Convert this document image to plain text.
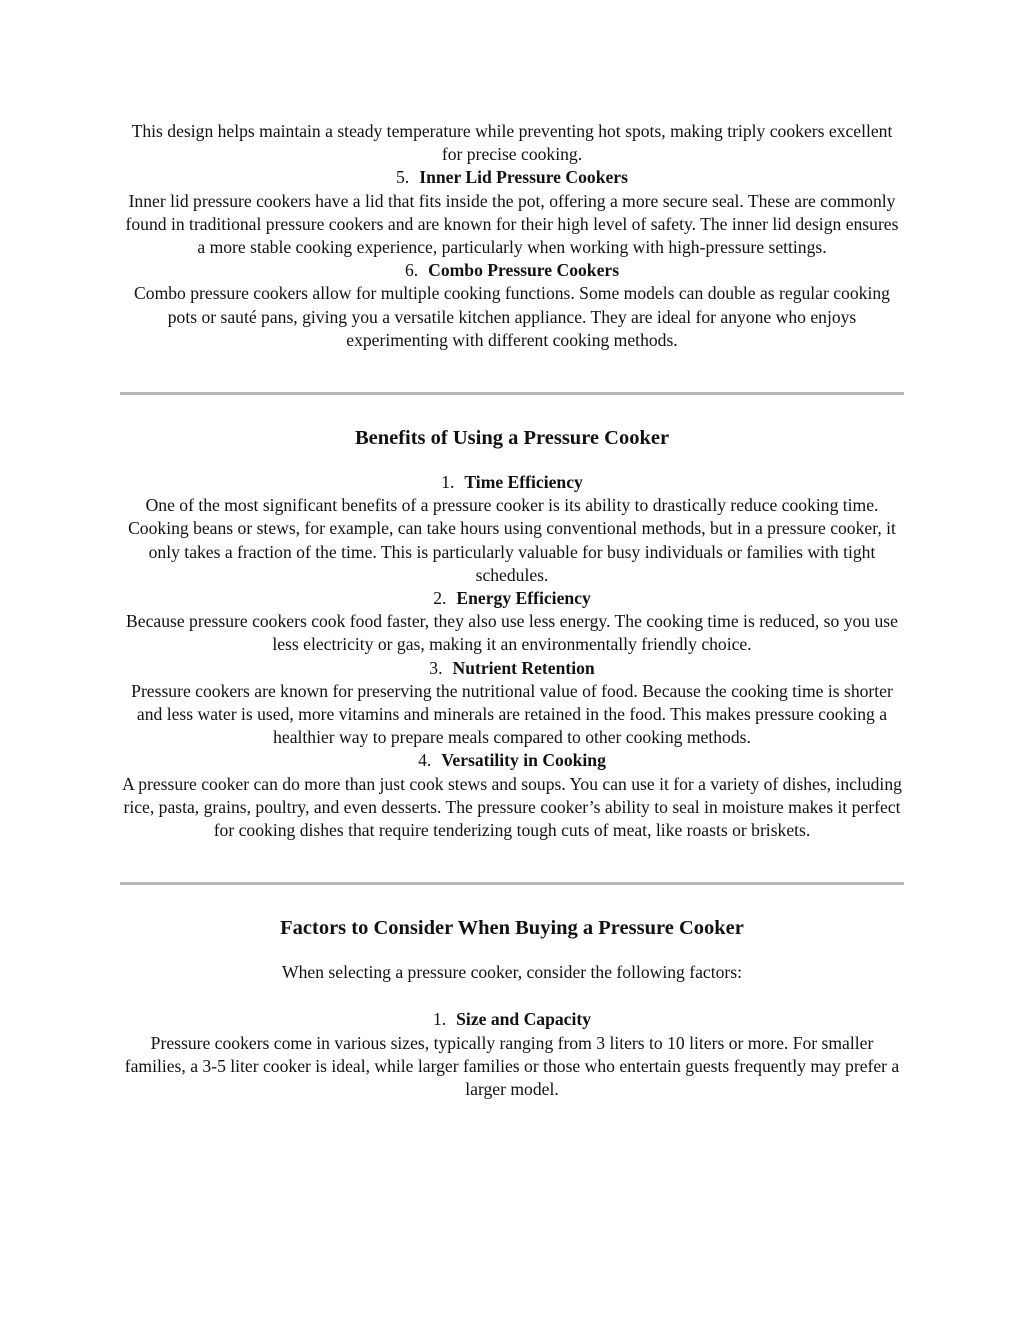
This design helps maintain a steady temperature while preventing hot spots, making triply cookers excellent for precise cooking.

5. Inner Lid Pressure Cookers

Inner lid pressure cookers have a lid that fits inside the pot, offering a more secure seal. These are commonly found in traditional pressure cookers and are known for their high level of safety. The inner lid design ensures a more stable cooking experience, particularly when working with high-pressure settings.

6. Combo Pressure Cookers

Combo pressure cookers allow for multiple cooking functions. Some models can double as regular cooking pots or sauté pans, giving you a versatile kitchen appliance. They are ideal for anyone who enjoys experimenting with different cooking methods.

Benefits of Using a Pressure Cooker

1. Time Efficiency

One of the most significant benefits of a pressure cooker is its ability to drastically reduce cooking time. Cooking beans or stews, for example, can take hours using conventional methods, but in a pressure cooker, it only takes a fraction of the time. This is particularly valuable for busy individuals or families with tight schedules.

2. Energy Efficiency

Because pressure cookers cook food faster, they also use less energy. The cooking time is reduced, so you use less electricity or gas, making it an environmentally friendly choice.

3. Nutrient Retention

Pressure cookers are known for preserving the nutritional value of food. Because the cooking time is shorter and less water is used, more vitamins and minerals are retained in the food. This makes pressure cooking a healthier way to prepare meals compared to other cooking methods.

4. Versatility in Cooking

A pressure cooker can do more than just cook stews and soups. You can use it for a variety of dishes, including rice, pasta, grains, poultry, and even desserts. The pressure cooker’s ability to seal in moisture makes it perfect for cooking dishes that require tenderizing tough cuts of meat, like roasts or briskets.

Factors to Consider When Buying a Pressure Cooker

When selecting a pressure cooker, consider the following factors:

1. Size and Capacity

Pressure cookers come in various sizes, typically ranging from 3 liters to 10 liters or more. For smaller families, a 3-5 liter cooker is ideal, while larger families or those who entertain guests frequently may prefer a larger model.
